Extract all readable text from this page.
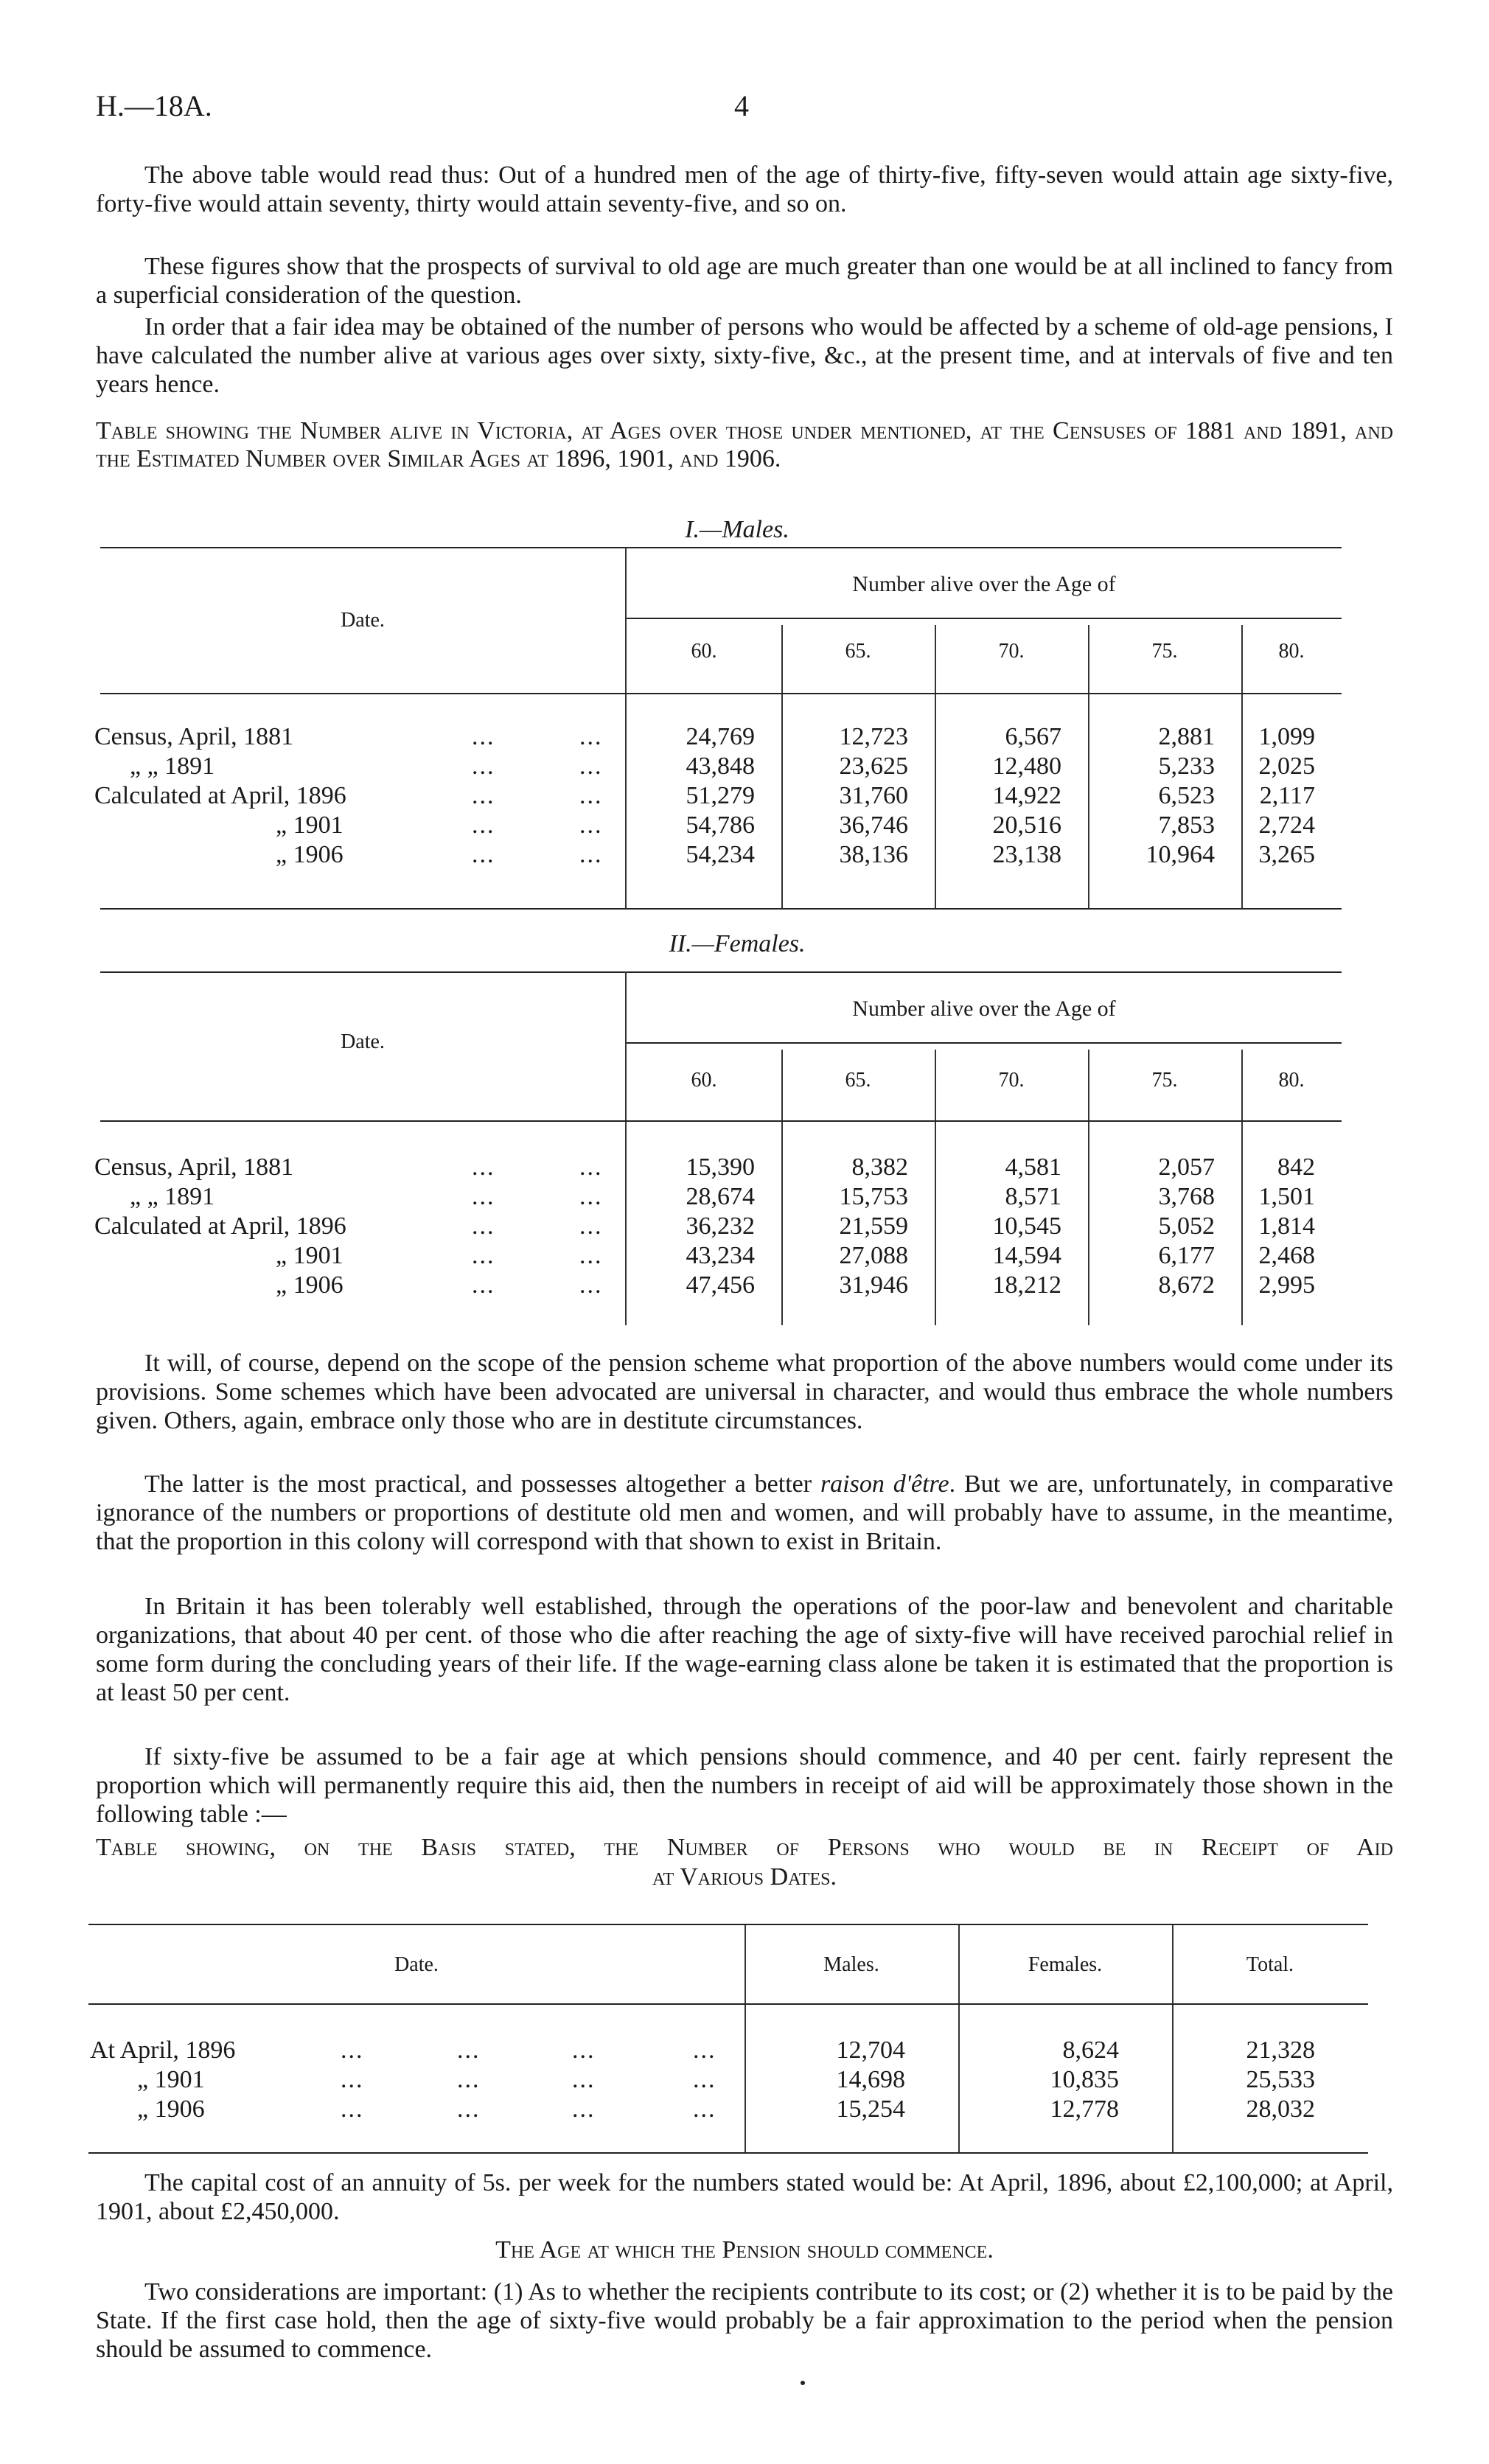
H.—18A.	4

The above table would read thus: Out of a hundred men of the age of thirty-five, fifty-seven would attain age sixty-five, forty-five would attain seventy, thirty would attain seventy-five, and so on.

These figures show that the prospects of survival to old age are much greater than one would be at all inclined to fancy from a superficial consideration of the question.

In order that a fair idea may be obtained of the number of persons who would be affected by a scheme of old-age pensions, I have calculated the number alive at various ages over sixty, sixty-five, &c., at the present time, and at intervals of five and ten years hence.

Table showing the Number alive in Victoria, at Ages over those under mentioned, at the Censuses of 1881 and 1891, and the Estimated Number over Similar Ages at 1896, 1901, and 1906.

I.—Males.
Date.
Number alive over the Age of
60.	65.	70.	75.	80.
Census, April, 1881	...	...	24,769	12,723	6,567	2,881	1,099
„ „ 1891	...	...	43,848	23,625	12,480	5,233	2,025
Calculated at April, 1896	...	...	51,279	31,760	14,922	6,523	2,117
„ 1901	...	...	54,786	36,746	20,516	7,853	2,724
„ 1906	...	...	54,234	38,136	23,138	10,964	3,265
II.—Females.
Date.
Number alive over the Age of
60.	65.	70.	75.	80.
Census, April, 1881	...	...	15,390	8,382	4,581	2,057	842
„ „ 1891	...	...	28,674	15,753	8,571	3,768	1,501
Calculated at April, 1896	...	...	36,232	21,559	10,545	5,052	1,814
„ 1901	...	...	43,234	27,088	14,594	6,177	2,468
„ 1906	...	...	47,456	31,946	18,212	8,672	2,995

It will, of course, depend on the scope of the pension scheme what proportion of the above numbers would come under its provisions. Some schemes which have been advocated are universal in character, and would thus embrace the whole numbers given. Others, again, embrace only those who are in destitute circumstances.

The latter is the most practical, and possesses altogether a better raison d'être. But we are, unfortunately, in comparative ignorance of the numbers or proportions of destitute old men and women, and will probably have to assume, in the meantime, that the proportion in this colony will correspond with that shown to exist in Britain.

In Britain it has been tolerably well established, through the operations of the poor-law and benevolent and charitable organizations, that about 40 per cent. of those who die after reaching the age of sixty-five will have received parochial relief in some form during the concluding years of their life. If the wage-earning class alone be taken it is estimated that the proportion is at least 50 per cent.

If sixty-five be assumed to be a fair age at which pensions should commence, and 40 per cent. fairly represent the proportion which will permanently require this aid, then the numbers in receipt of aid will be approximately those shown in the following table :—

Table showing, on the Basis stated, the Number of Persons who would be in Receipt of Aid
at Various Dates.
Date.	Males.	Females.	Total.
At April, 1896	...	...	...	...	12,704	8,624	21,328
„ 1901	...	...	...	...	14,698	10,835	25,533
„ 1906	...	...	...	...	15,254	12,778	28,032

The capital cost of an annuity of 5s. per week for the numbers stated would be: At April, 1896, about £2,100,000; at April, 1901, about £2,450,000.

The Age at which the Pension should commence.

Two considerations are important: (1) As to whether the recipients contribute to its cost; or (2) whether it is to be paid by the State. If the first case hold, then the age of sixty-five would probably be a fair approximation to the period when the pension should be assumed to commence.
